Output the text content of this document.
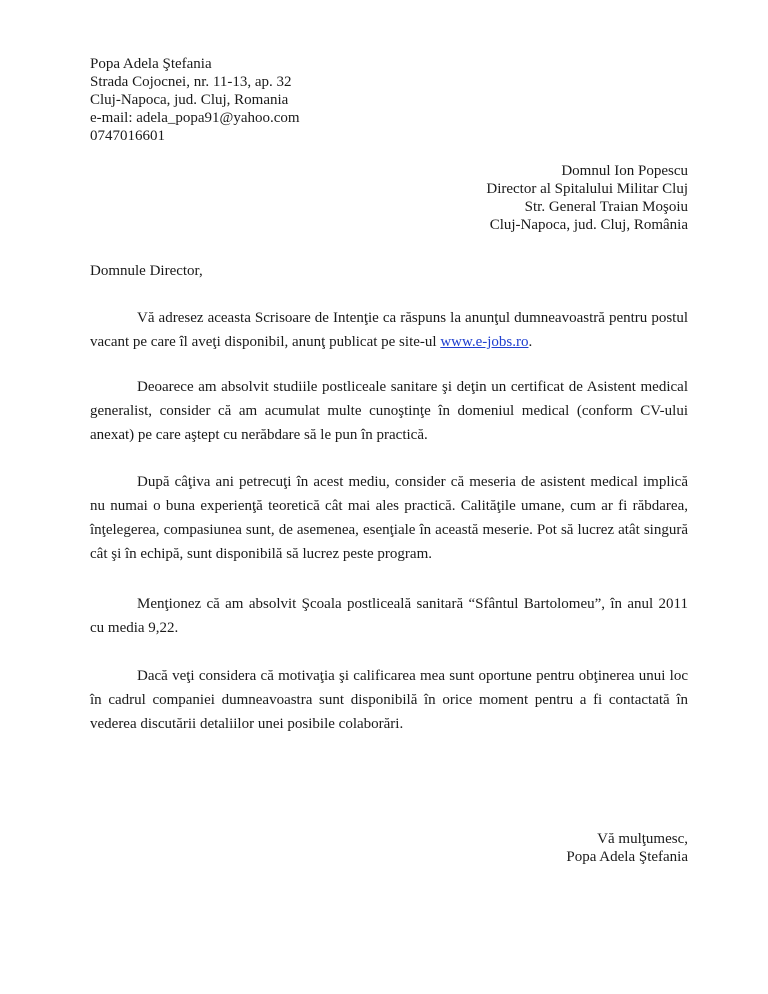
Popa Adela Ştefania
Strada Cojocnei, nr. 11-13, ap. 32
Cluj-Napoca, jud. Cluj, Romania
e-mail: adela_popa91@yahoo.com
0747016601
Domnul Ion Popescu
Director al Spitalului Militar Cluj
Str. General Traian Moşoiu
Cluj-Napoca, jud. Cluj, România
Domnule Director,
Vă adresez aceasta Scrisoare de Intenţie ca răspuns la anunţul dumneavoastră pentru postul vacant pe care îl aveţi disponibil, anunţ publicat pe site-ul www.e-jobs.ro.
Deoarece am absolvit studiile postliceale sanitare şi deţin un certificat de Asistent medical generalist, consider că am acumulat multe cunoştinţe în domeniul medical (conform CV-ului anexat) pe care aştept cu nerăbdare să le pun în practică.
După câţiva ani petrecuţi în acest mediu, consider că meseria de asistent medical implică nu numai o buna experienţă teoretică cât mai ales practică. Calităţile umane, cum ar fi răbdarea, înţelegerea, compasiunea sunt, de asemenea, esenţiale în această meserie. Pot să lucrez atât singură cât şi în echipă, sunt disponibilă să lucrez peste program.
Menţionez că am absolvit Şcoala postliceală sanitară “Sfântul Bartolomeu”, în anul 2011 cu media 9,22.
Dacă veţi considera că motivaţia şi calificarea mea sunt oportune pentru obţinerea unui loc în cadrul companiei dumneavoastra sunt disponibilă în orice moment pentru a fi contactată în vederea discutării detaliilor unei posibile colaborări.
Vă mulţumesc,
Popa Adela Ştefania
